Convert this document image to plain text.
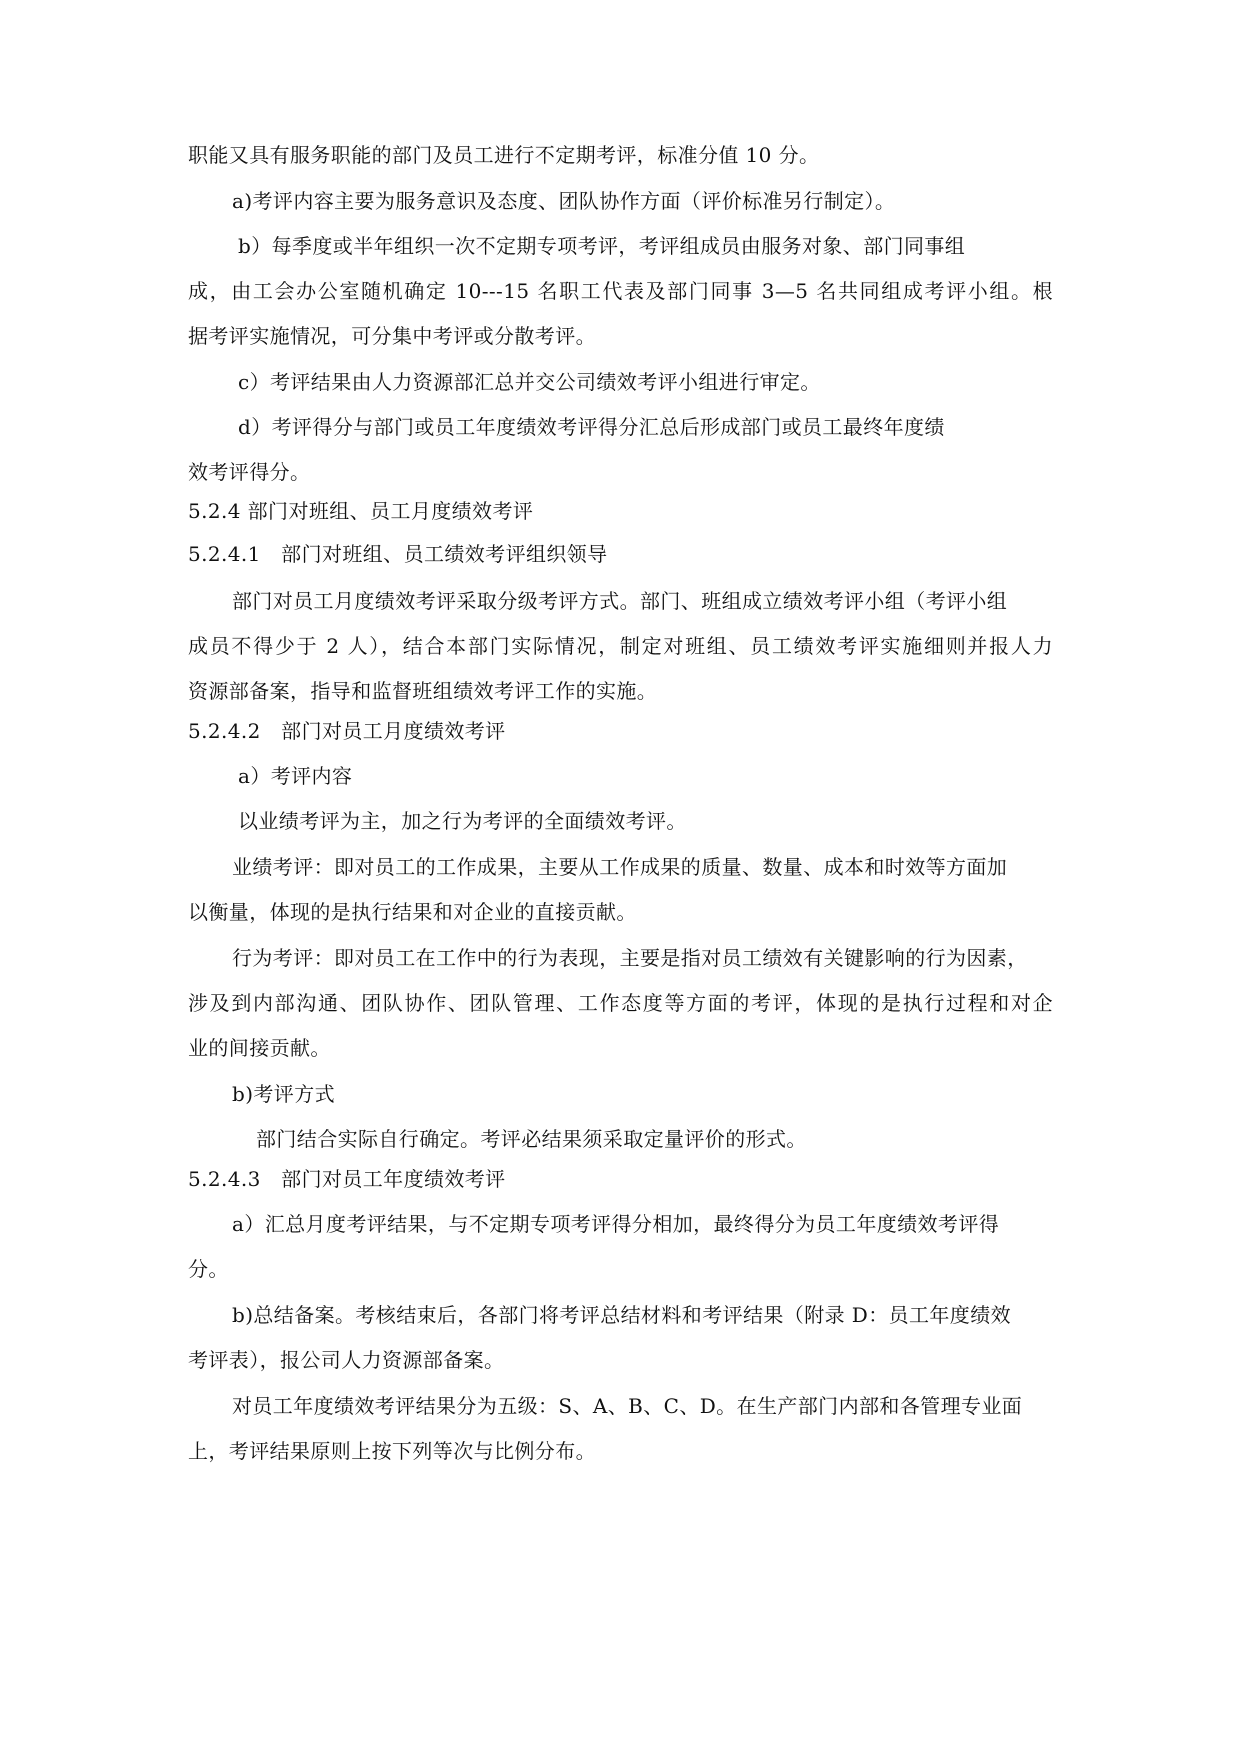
职能又具有服务职能的部门及员工进行不定期考评，标准分值 10 分。

a)考评内容主要为服务意识及态度、团队协作方面（评价标准另行制定）。

b）每季度或半年组织一次不定期专项考评，考评组成员由服务对象、部门同事组

成，由工会办公室随机确定 10---15 名职工代表及部门同事 3—5 名共同组成考评小组。根

据考评实施情况，可分集中考评或分散考评。

c）考评结果由人力资源部汇总并交公司绩效考评小组进行审定。

d）考评得分与部门或员工年度绩效考评得分汇总后形成部门或员工最终年度绩

效考评得分。

5.2.4 部门对班组、员工月度绩效考评

5.2.4.1　部门对班组、员工绩效考评组织领导

部门对员工月度绩效考评采取分级考评方式。部门、班组成立绩效考评小组（考评小组

成员不得少于 2 人），结合本部门实际情况，制定对班组、员工绩效考评实施细则并报人力

资源部备案，指导和监督班组绩效考评工作的实施。

5.2.4.2　部门对员工月度绩效考评

a）考评内容

以业绩考评为主，加之行为考评的全面绩效考评。

业绩考评：即对员工的工作成果，主要从工作成果的质量、数量、成本和时效等方面加

以衡量，体现的是执行结果和对企业的直接贡献。

行为考评：即对员工在工作中的行为表现，主要是指对员工绩效有关键影响的行为因素，

涉及到内部沟通、团队协作、团队管理、工作态度等方面的考评，体现的是执行过程和对企

业的间接贡献。

b)考评方式

部门结合实际自行确定。考评必结果须采取定量评价的形式。

5.2.4.3　部门对员工年度绩效考评

a）汇总月度考评结果，与不定期专项考评得分相加，最终得分为员工年度绩效考评得

分。

b)总结备案。考核结束后，各部门将考评总结材料和考评结果（附录 D：员工年度绩效

考评表），报公司人力资源部备案。

对员工年度绩效考评结果分为五级：S、A、B、C、D。在生产部门内部和各管理专业面

上，考评结果原则上按下列等次与比例分布。
